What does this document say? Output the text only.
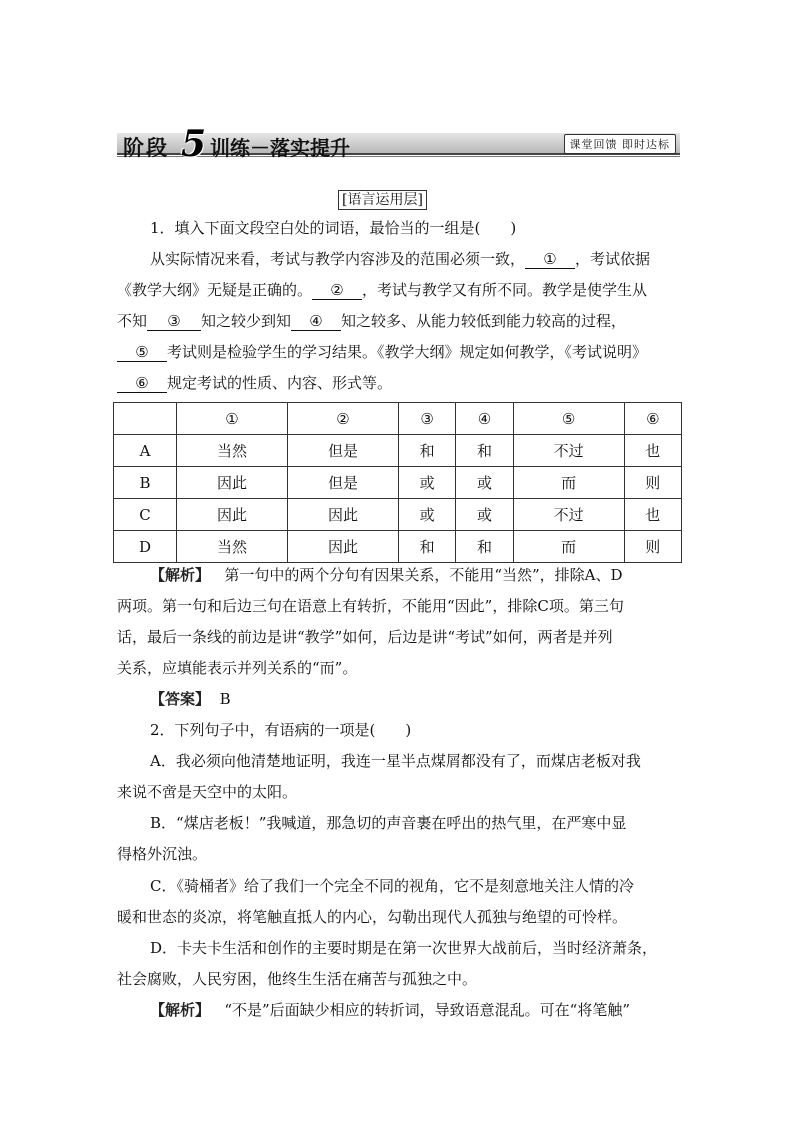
阶段 5 训练－落实提升	课堂回馈 即时达标
[语言运用层]
1．填入下面文段空白处的词语，最恰当的一组是(　　)
从实际情况来看，考试与教学内容涉及的范围必须一致， ① ，考试依据
《教学大纲》无疑是正确的。 ② ，考试与教学又有所不同。教学是使学生从
不知 ③ 知之较少到知 ④ 知之较多、从能力较低到能力较高的过程，
⑤ 考试则是检验学生的学习结果。《教学大纲》规定如何教学，《考试说明》
⑥ 规定考试的性质、内容、形式等。
	①	②	③	④	⑤	⑥
A	当然	但是	和	和	不过	也
B	因此	但是	或	或	而	则
C	因此	因此	或	或	不过	也
D	当然	因此	和	和	而	则
【解析】 第一句中的两个分句有因果关系，不能用“当然”，排除A、D
两项。第一句和后边三句在语意上有转折，不能用“因此”，排除C项。第三句
话，最后一条线的前边是讲“教学”如何，后边是讲“考试”如何，两者是并列
关系，应填能表示并列关系的“而”。
【答案】 B
2．下列句子中，有语病的一项是(　　)
A．我必须向他清楚地证明，我连一星半点煤屑都没有了，而煤店老板对我
来说不啻是天空中的太阳。
B．“煤店老板！”我喊道，那急切的声音裹在呼出的热气里，在严寒中显
得格外沉浊。
C．《骑桶者》给了我们一个完全不同的视角，它不是刻意地关注人情的冷
暖和世态的炎凉，将笔触直抵人的内心，勾勒出现代人孤独与绝望的可怜样。
D．卡夫卡生活和创作的主要时期是在第一次世界大战前后，当时经济萧条，
社会腐败，人民穷困，他终生生活在痛苦与孤独之中。
【解析】 “不是”后面缺少相应的转折词，导致语意混乱。可在“将笔触”
